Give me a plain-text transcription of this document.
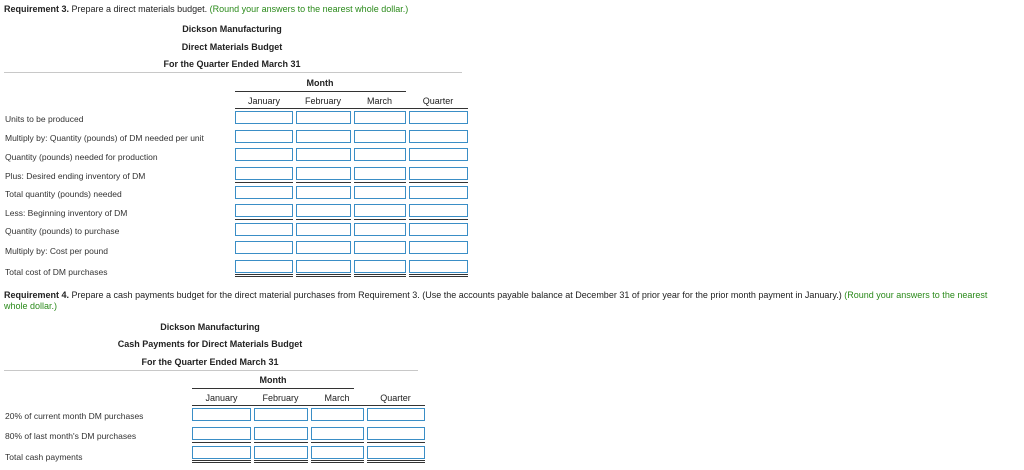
Requirement 3. Prepare a direct materials budget. (Round your answers to the nearest whole dollar.)
Dickson Manufacturing
Direct Materials Budget
For the Quarter Ended March 31
Month
January	February	March	Quarter
Units to be produced
Multiply by: Quantity (pounds) of DM needed per unit
Quantity (pounds) needed for production
Plus: Desired ending inventory of DM
Total quantity (pounds) needed
Less: Beginning inventory of DM
Quantity (pounds) to purchase
Multiply by: Cost per pound
Total cost of DM purchases
Requirement 4. Prepare a cash payments budget for the direct material purchases from Requirement 3. (Use the accounts payable balance at December 31 of prior year for the prior month payment in January.) (Round your answers to the nearest
whole dollar.)
Dickson Manufacturing
Cash Payments for Direct Materials Budget
For the Quarter Ended March 31
Month
January	February	March	Quarter
20% of current month DM purchases
80% of last month's DM purchases
Total cash payments
